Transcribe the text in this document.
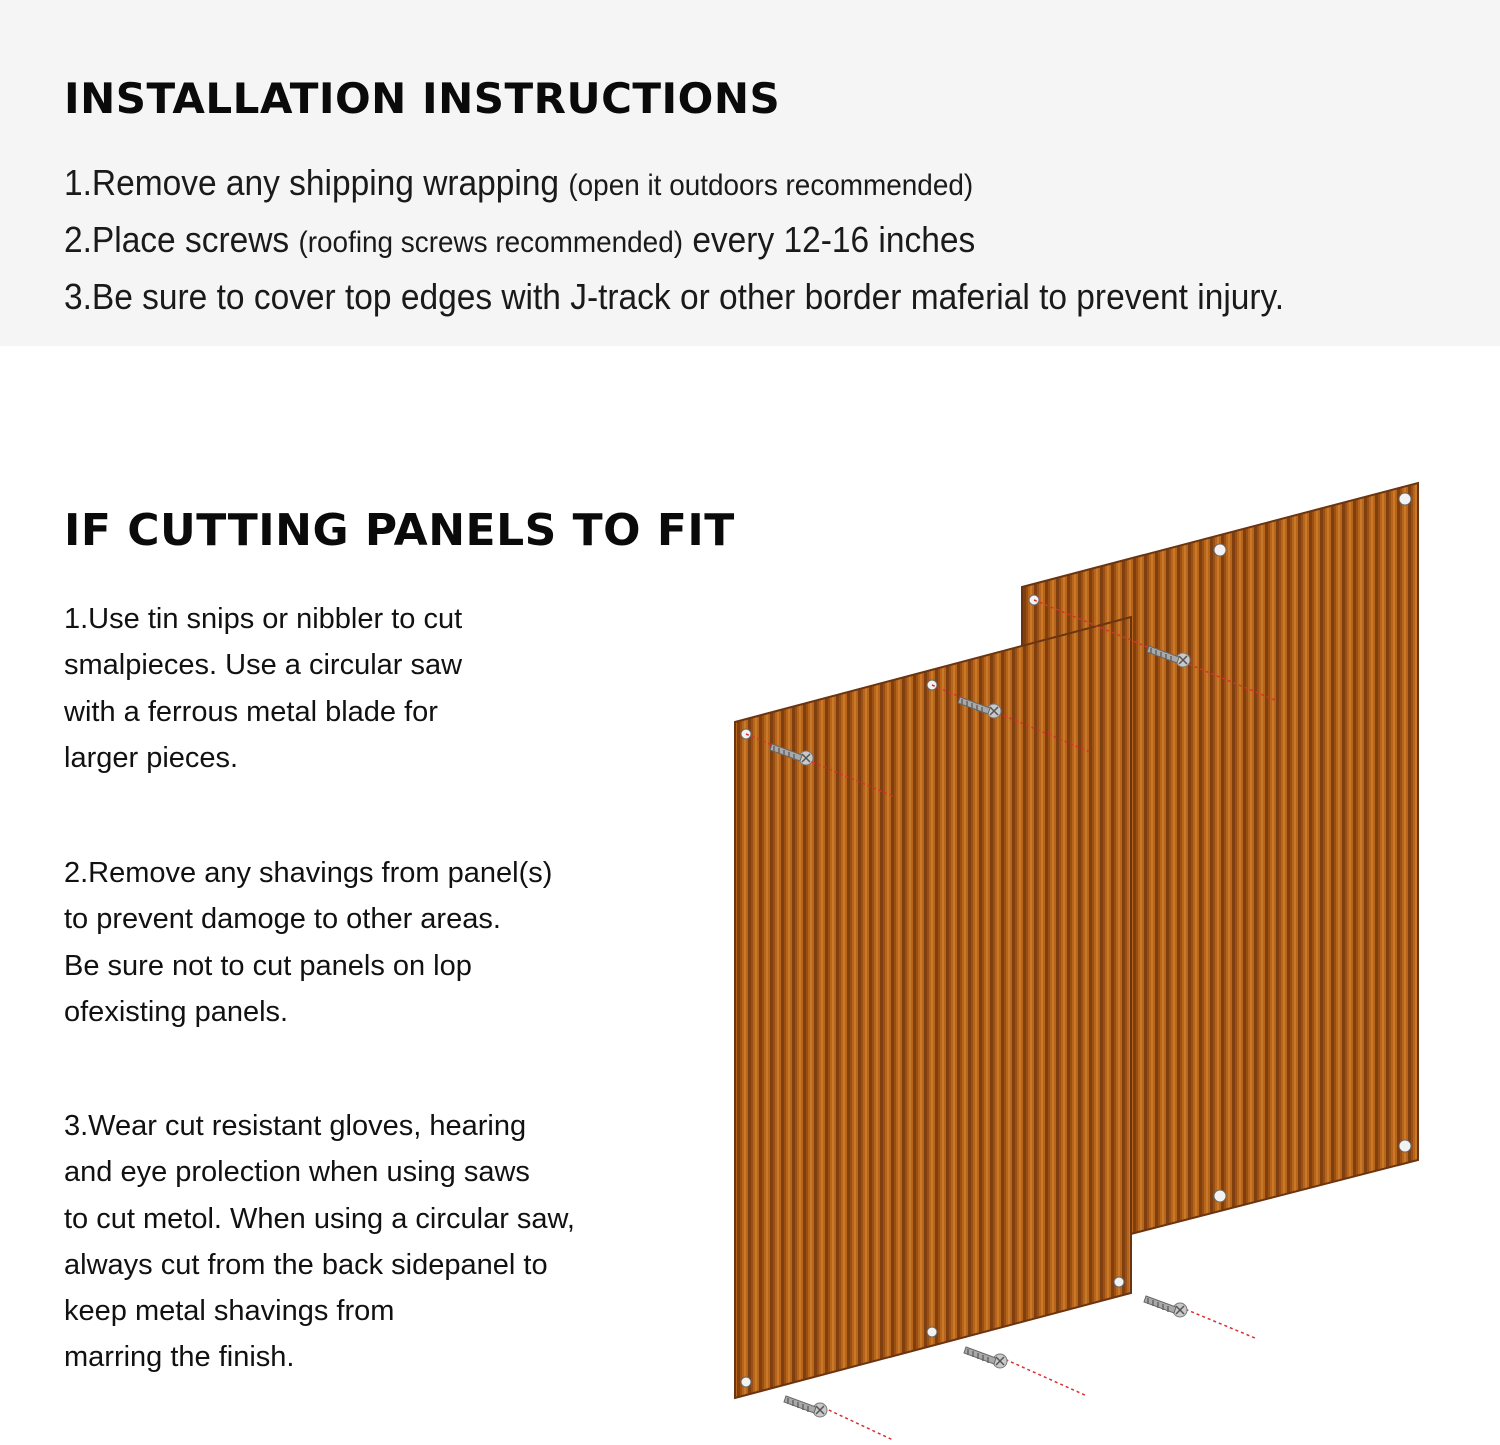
INSTALLATION INSTRUCTIONS
1.Remove any shipping wrapping (open it outdoors recommended)
2.Place screws (roofing screws recommended) every 12-16 inches
3.Be sure to cover top edges with J-track or other border maferial to prevent injury.
IF CUTTING PANELS TO FIT

1.Use tin snips or nibbler to cut
smalpieces. Use a circular saw
with a ferrous metal blade for
larger pieces.

2.Remove any shavings from panel(s)
to prevent damoge to other areas.
Be sure not to cut panels on lop
ofexisting panels.

3.Wear cut resistant gloves, hearing
and eye prolection when using saws
to cut metol. When using a circular saw,
always cut from the back sidepanel to
keep metal shavings from
marring the finish.
